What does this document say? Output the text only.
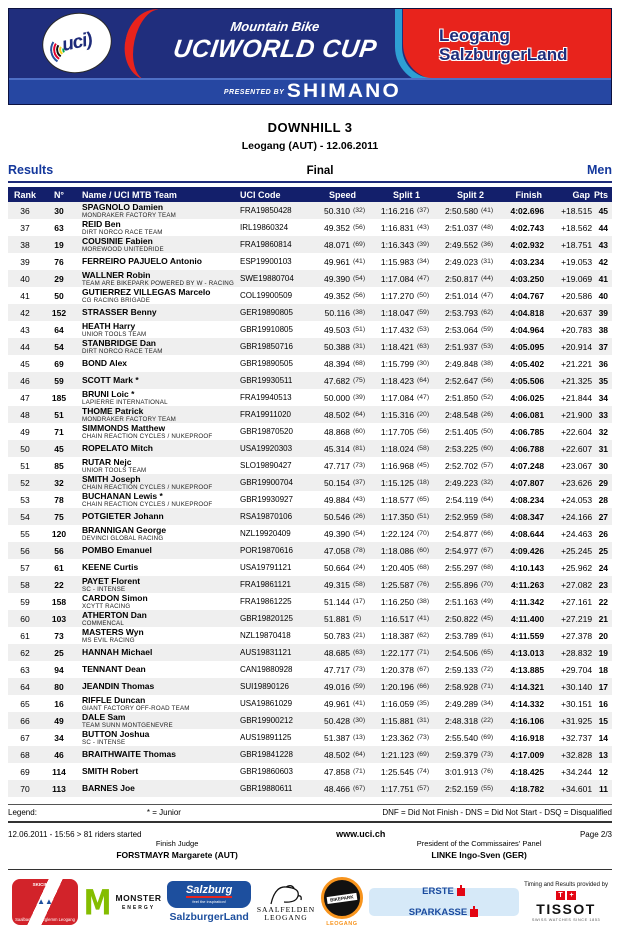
uci )
Mountain Bike
UCIWORLD CUP	Leogang
SalzburgerLand
PRESENTED BY SHIMANO
DOWNHILL 3
Leogang (AUT) - 12.06.2011
Results	Final	Men
Rank	N°	Name / UCI MTB Team	UCI Code	Speed		Split 1		Split 2		Finish	Gap	Pts
36	30	SPAGNOLO Damien
MONDRAKER FACTORY TEAM	FRA19850428	50.310	(32)	1:16.216	(37)	2:50.580	(41)	4:02.696	+18.515	45
37	63	REID Ben
DIRT NORCO RACE TEAM	IRL19860324	49.352	(56)	1:16.831	(43)	2:51.037	(48)	4:02.743	+18.562	44
38	19	COUSINIE Fabien
MOREWOOD UNITEDRIDE	FRA19860814	48.071	(69)	1:16.343	(39)	2:49.552	(36)	4:02.932	+18.751	43
39	76	FERREIRO PAJUELO Antonio	ESP19900103	49.961	(41)	1:15.983	(34)	2:49.023	(31)	4:03.234	+19.053	42
40	29	WALLNER Robin
TEAM ARE BIKEPARK POWERED BY W - RACING	SWE19880704	49.390	(54)	1:17.084	(47)	2:50.817	(44)	4:03.250	+19.069	41
41	50	GUTIERREZ VILLEGAS Marcelo
CG RACING BRIGADE	COL19900509	49.352	(56)	1:17.270	(50)	2:51.014	(47)	4:04.767	+20.586	40
42	152	STRASSER Benny	GER19890805	50.116	(38)	1:18.047	(59)	2:53.793	(62)	4:04.818	+20.637	39
43	64	HEATH Harry
UNIOR TOOLS TEAM	GBR19910805	49.503	(51)	1:17.432	(53)	2:53.064	(59)	4:04.964	+20.783	38
44	54	STANBRIDGE Dan
DIRT NORCO RACE TEAM	GBR19850716	50.388	(31)	1:18.421	(63)	2:51.937	(53)	4:05.095	+20.914	37
45	69	BOND Alex	GBR19890505	48.394	(68)	1:15.799	(30)	2:49.848	(38)	4:05.402	+21.221	36
46	59	SCOTT Mark *	GBR19930511	47.682	(75)	1:18.423	(64)	2:52.647	(56)	4:05.506	+21.325	35
47	185	BRUNI Loic *
LAPIERRE INTERNATIONAL	FRA19940513	50.000	(39)	1:17.084	(47)	2:51.850	(52)	4:06.025	+21.844	34
48	51	THOME Patrick
MONDRAKER FACTORY TEAM	FRA19911020	48.502	(64)	1:15.316	(20)	2:48.548	(26)	4:06.081	+21.900	33
49	71	SIMMONDS Matthew
CHAIN REACTION CYCLES / NUKEPROOF	GBR19870520	48.868	(60)	1:17.705	(56)	2:51.405	(50)	4:06.785	+22.604	32
50	45	ROPELATO Mitch	USA19920303	45.314	(81)	1:18.024	(58)	2:53.225	(60)	4:06.788	+22.607	31
51	85	RUTAR Nejc
UNIOR TOOLS TEAM	SLO19890427	47.717	(73)	1:16.968	(45)	2:52.702	(57)	4:07.248	+23.067	30
52	32	SMITH Joseph
CHAIN REACTION CYCLES / NUKEPROOF	GBR19900704	50.154	(37)	1:15.125	(18)	2:49.223	(32)	4:07.807	+23.626	29
53	78	BUCHANAN Lewis *
CHAIN REACTION CYCLES / NUKEPROOF	GBR19930927	49.884	(43)	1:18.577	(65)	2:54.119	(64)	4:08.234	+24.053	28
54	75	POTGIETER Johann	RSA19870106	50.546	(26)	1:17.350	(51)	2:52.959	(58)	4:08.347	+24.166	27
55	120	BRANNIGAN George
DEVINCI GLOBAL RACING	NZL19920409	49.390	(54)	1:22.124	(70)	2:54.877	(66)	4:08.644	+24.463	26
56	56	POMBO Emanuel	POR19870616	47.058	(78)	1:18.086	(60)	2:54.977	(67)	4:09.426	+25.245	25
57	61	KEENE Curtis	USA19791121	50.664	(24)	1:20.405	(68)	2:55.297	(68)	4:10.143	+25.962	24
58	22	PAYET Florent
SC - INTENSE	FRA19861121	49.315	(58)	1:25.587	(76)	2:55.896	(70)	4:11.263	+27.082	23
59	158	CARDON Simon
XCYTT RACING	FRA19861225	51.144	(17)	1:16.250	(38)	2:51.163	(49)	4:11.342	+27.161	22
60	103	ATHERTON Dan
COMMENCAL	GBR19820125	51.881	(5)	1:16.517	(41)	2:50.822	(45)	4:11.400	+27.219	21
61	73	MASTERS Wyn
MS EVIL RACING	NZL19870418	50.783	(21)	1:18.387	(62)	2:53.789	(61)	4:11.559	+27.378	20
62	25	HANNAH Michael	AUS19831121	48.685	(63)	1:22.177	(71)	2:54.506	(65)	4:13.013	+28.832	19
63	94	TENNANT Dean	CAN19880928	47.717	(73)	1:20.378	(67)	2:59.133	(72)	4:13.885	+29.704	18
64	80	JEANDIN Thomas	SUI19890126	49.016	(59)	1:20.196	(66)	2:58.928	(71)	4:14.321	+30.140	17
65	16	RIFFLE Duncan
GIANT FACTORY OFF-ROAD TEAM	USA19861029	49.961	(41)	1:16.059	(35)	2:49.289	(34)	4:14.332	+30.151	16
66	49	DALE Sam
TEAM SUNN MONTGENEVRE	GBR19900212	50.428	(30)	1:15.881	(31)	2:48.318	(22)	4:16.106	+31.925	15
67	34	BUTTON Joshua
SC - INTENSE	AUS19891125	51.387	(13)	1:23.362	(73)	2:55.540	(69)	4:16.918	+32.737	14
68	46	BRAITHWAITE Thomas	GBR19841228	48.502	(64)	1:21.123	(69)	2:59.379	(73)	4:17.009	+32.828	13
69	114	SMITH Robert	GBR19860603	47.858	(71)	1:25.545	(74)	3:01.913	(76)	4:18.425	+34.244	12
70	113	BARNES Joe	GBR19880611	48.466	(67)	1:17.751	(57)	2:52.159	(55)	4:18.782	+34.601	11
Legend:	* = Junior	DNF = Did Not Finish - DNS = Did Not Start - DSQ = Disqualified
12.06.2011 - 15:56 > 81 riders started	www.uci.ch	Page 2/3
Finish Judge
FORSTMAYR Margarete (AUT)
President of the Commissaires' Panel
LINKE Ingo-Sven (GER)
SKICIRCUS
▲▲
Saalbach Hinterglemm Leogang M MONSTER
ENERGY
Salzburg
feel the inspiration!
SalzburgerLand
SAALFELDEN
LEOGANG
BIKEPARK
LEOGANG
ERSTE
SPARKASSE
Timing and Results provided by
T +
TISSOT
SWISS WATCHES SINCE 1853
